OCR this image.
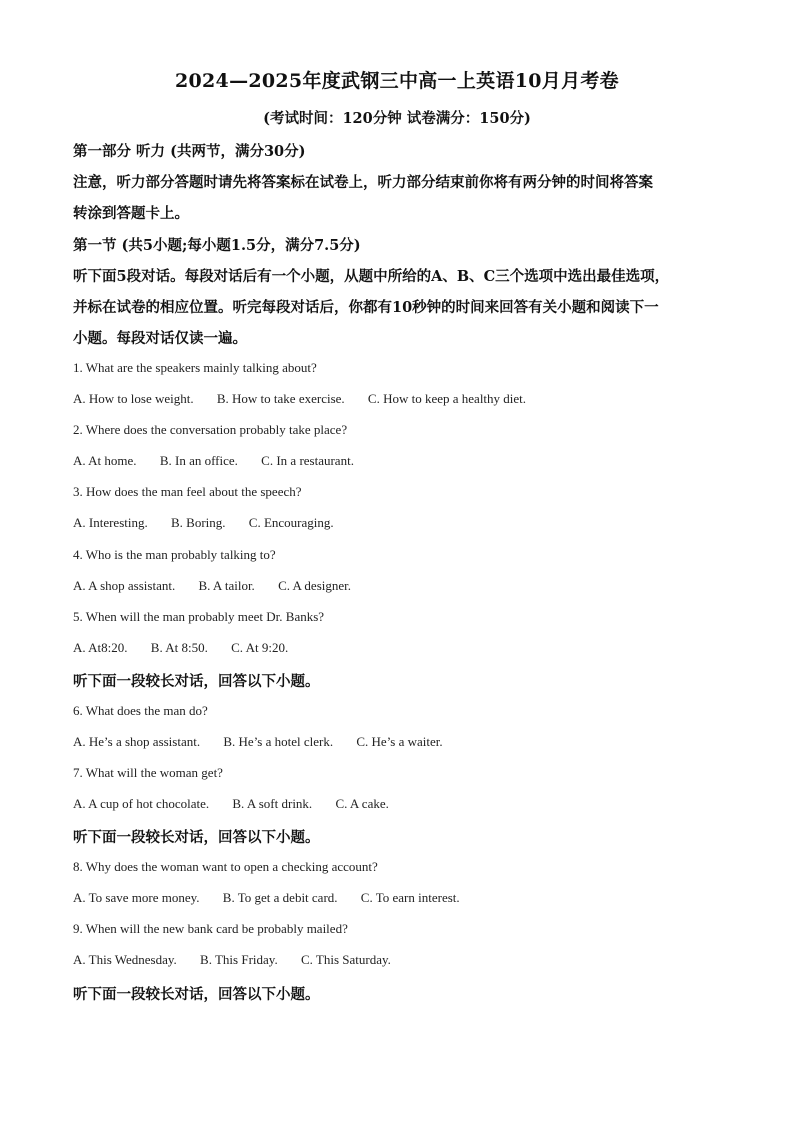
2024—2025年度武钢三中高一上英语10月月考卷
(考试时间：120分钟 试卷满分：150分)
第一部分 听力 (共两节，满分30分)
注意，听力部分答题时请先将答案标在试卷上，听力部分结束前你将有两分钟的时间将答案
转涂到答题卡上。
第一节 (共5小题;每小题1.5分，满分7.5分)
听下面5段对话。每段对话后有一个小题，从题中所给的A、B、C三个选项中选出最佳选项，
并标在试卷的相应位置。听完每段对话后，你都有10秒钟的时间来回答有关小题和阅读下一
小题。每段对话仅读一遍。
1. What are the speakers mainly talking about?
A. How to lose weight. B. How to take exercise. C. How to keep a healthy diet.
2. Where does the conversation probably take place?
A. At home. B. In an office. C. In a restaurant.
3. How does the man feel about the speech?
A. Interesting. B. Boring. C. Encouraging.
4. Who is the man probably talking to?
A. A shop assistant. B. A tailor. C. A designer.
5. When will the man probably meet Dr. Banks?
A. At8:20. B. At 8:50. C. At 9:20.
听下面一段较长对话，回答以下小题。
6. What does the man do?
A. He’s a shop assistant. B. He’s a hotel clerk. C. He’s a waiter.
7. What will the woman get?
A. A cup of hot chocolate. B. A soft drink. C. A cake.
听下面一段较长对话，回答以下小题。
8. Why does the woman want to open a checking account?
A. To save more money. B. To get a debit card. C. To earn interest.
9. When will the new bank card be probably mailed?
A. This Wednesday. B. This Friday. C. This Saturday.
听下面一段较长对话，回答以下小题。
